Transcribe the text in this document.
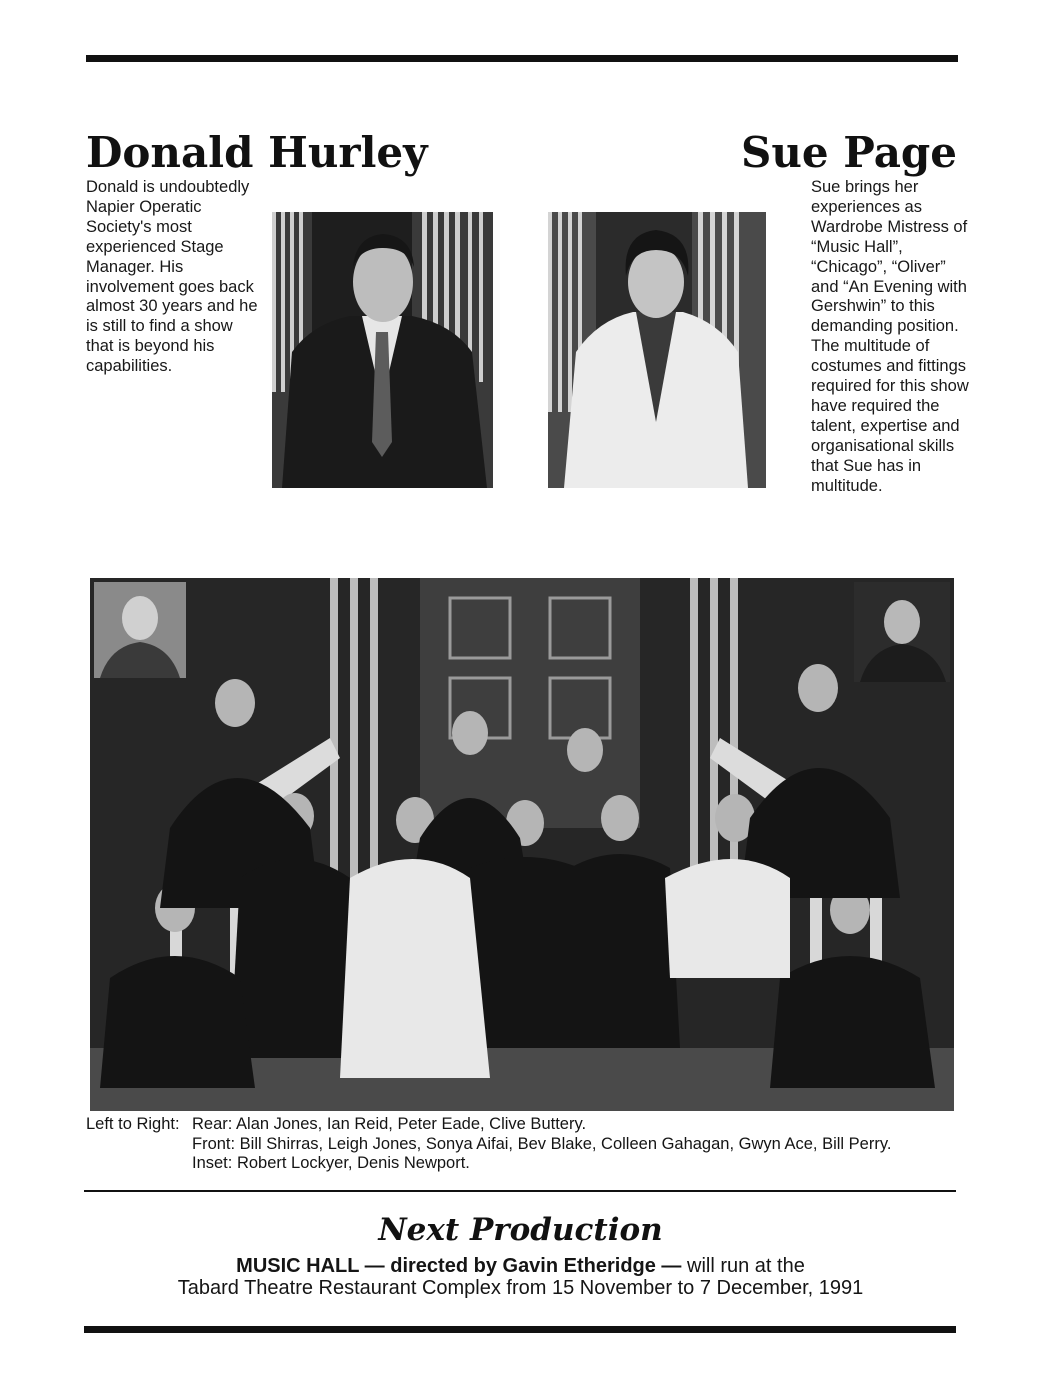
Donald Hurley	Sue Page

Donald is undoubtedly Napier Operatic Society's most experienced Stage Manager. His involvement goes back almost 30 years and he is still to find a show that is beyond his capabilities.

Sue brings her experiences as Wardrobe Mistress of “Music Hall”, “Chicago”, “Oliver” and “An Evening with Gershwin” to this demanding position. The multitude of costumes and fittings required for this show have required the talent, expertise and organisational skills that Sue has in multitude.

Left to Right: Rear: Alan Jones, Ian Reid, Peter Eade, Clive Buttery.
Front: Bill Shirras, Leigh Jones, Sonya Aifai, Bev Blake, Colleen Gahagan, Gwyn Ace, Bill Perry.
Inset: Robert Lockyer, Denis Newport.
Next Production
MUSIC HALL — directed by Gavin Etheridge — will run at the
Tabard Theatre Restaurant Complex from 15 November to 7 December, 1991
